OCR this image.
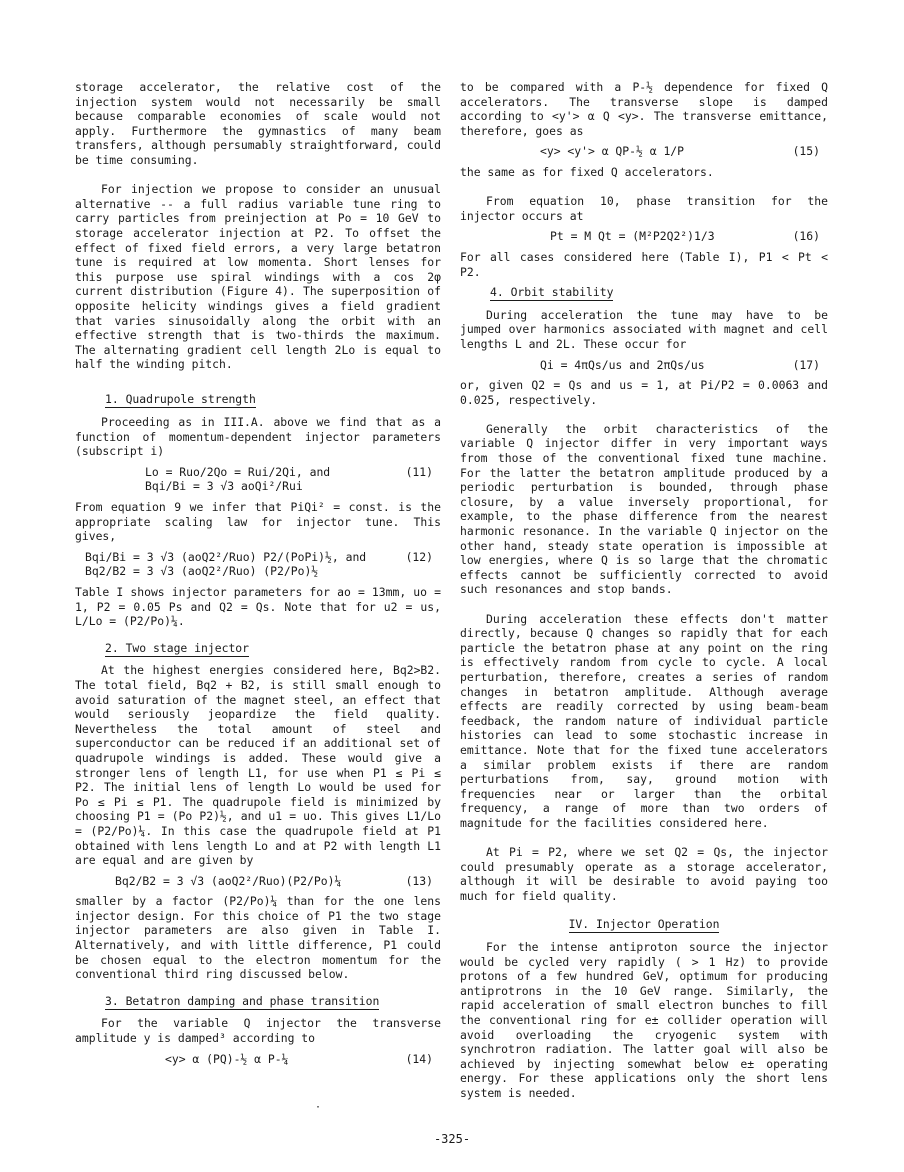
storage accelerator, the relative cost of the injection system would not necessarily be small because comparable economies of scale would not apply. Furthermore the gymnastics of many beam transfers, although persumably straightforward, could be time consuming.

For injection we propose to consider an unusual alternative -- a full radius variable tune ring to carry particles from preinjection at Po = 10 GeV to storage accelerator injection at P2. To offset the effect of fixed field errors, a very large betatron tune is required at low momenta. Short lenses for this purpose use spiral windings with a cos 2φ current distribution (Figure 4). The superposition of opposite helicity windings gives a field gradient that varies sinusoidally along the orbit with an effective strength that is two-thirds the maximum. The alternating gradient cell length 2Lo is equal to half the winding pitch.

1. Quadrupole strength

Proceeding as in III.A. above we find that as a function of momentum-dependent injector parameters (subscript i)

Lo = Ruo/2Qo = Rui/2Qi, and
Bqi/Bi = 3 √3 aoQi²/Rui
(11)

From equation 9 we infer that PiQi² = const. is the appropriate scaling law for injector tune. This gives,

Bqi/Bi = 3 √3 (aoQ2²/Ruo) P2/(PoPi)½, and
Bq2/B2 = 3 √3 (aoQ2²/Ruo) (P2/Po)½
(12)

Table I shows injector parameters for ao = 13mm, uo = 1, P2 = 0.05 Ps and Q2 = Qs. Note that for u2 = us, L/Lo = (P2/Po)¼.

2. Two stage injector

At the highest energies considered here, Bq2>B2. The total field, Bq2 + B2, is still small enough to avoid saturation of the magnet steel, an effect that would seriously jeopardize the field quality. Nevertheless the total amount of steel and superconductor can be reduced if an additional set of quadrupole windings is added. These would give a stronger lens of length L1, for use when P1 ≤ Pi ≤ P2. The initial lens of length Lo would be used for Po ≤ Pi ≤ P1. The quadrupole field is minimized by choosing P1 = (Po P2)½, and u1 = uo. This gives L1/Lo = (P2/Po)¼. In this case the quadrupole field at P1 obtained with lens length Lo and at P2 with length L1 are equal and are given by

Bq2/B2 = 3 √3 (aoQ2²/Ruo)(P2/Po)¼	(13)

smaller by a factor (P2/Po)¼ than for the one lens injector design. For this choice of P1 the two stage injector parameters are also given in Table I. Alternatively, and with little difference, P1 could be chosen equal to the electron momentum for the conventional third ring discussed below.

3. Betatron damping and phase transition

For the variable Q injector the transverse amplitude y is damped³ according to

<y> α (PQ)-½ α P-¼	(14)

to be compared with a P-½ dependence for fixed Q accelerators. The transverse slope is damped according to <y'> α Q <y>. The transverse emittance, therefore, goes as

<y> <y'> α QP-½ α 1/P	(15)

the same as for fixed Q accelerators.

From equation 10, phase transition for the injector occurs at

Pt = M Qt = (M²P2Q2²)1/3	(16)

For all cases considered here (Table I), P1 < Pt < P2.

4. Orbit stability

During acceleration the tune may have to be jumped over harmonics associated with magnet and cell lengths L and 2L. These occur for

Qi = 4πQs/us and 2πQs/us	(17)

or, given Q2 = Qs and us = 1, at Pi/P2 = 0.0063 and 0.025, respectively.

Generally the orbit characteristics of the variable Q injector differ in very important ways from those of the conventional fixed tune machine. For the latter the betatron amplitude produced by a periodic perturbation is bounded, through phase closure, by a value inversely proportional, for example, to the phase difference from the nearest harmonic resonance. In the variable Q injector on the other hand, steady state operation is impossible at low energies, where Q is so large that the chromatic effects cannot be sufficiently corrected to avoid such resonances and stop bands.

During acceleration these effects don't matter directly, because Q changes so rapidly that for each particle the betatron phase at any point on the ring is effectively random from cycle to cycle. A local perturbation, therefore, creates a series of random changes in betatron amplitude. Although average effects are readily corrected by using beam-beam feedback, the random nature of individual particle histories can lead to some stochastic increase in emittance. Note that for the fixed tune accelerators a similar problem exists if there are random perturbations from, say, ground motion with frequencies near or larger than the orbital frequency, a range of more than two orders of magnitude for the facilities considered here.

At Pi = P2, where we set Q2 = Qs, the injector could presumably operate as a storage accelerator, although it will be desirable to avoid paying too much for field quality.

IV. Injector Operation

For the intense antiproton source the injector would be cycled very rapidly ( > 1 Hz) to provide protons of a few hundred GeV, optimum for producing antiprotrons in the 10 GeV range. Similarly, the rapid acceleration of small electron bunches to fill the conventional ring for e± collider operation will avoid overloading the cryogenic system with synchrotron radiation. The latter goal will also be achieved by injecting somewhat below e± operating energy. For these applications only the short lens system is needed.

·
-325-
